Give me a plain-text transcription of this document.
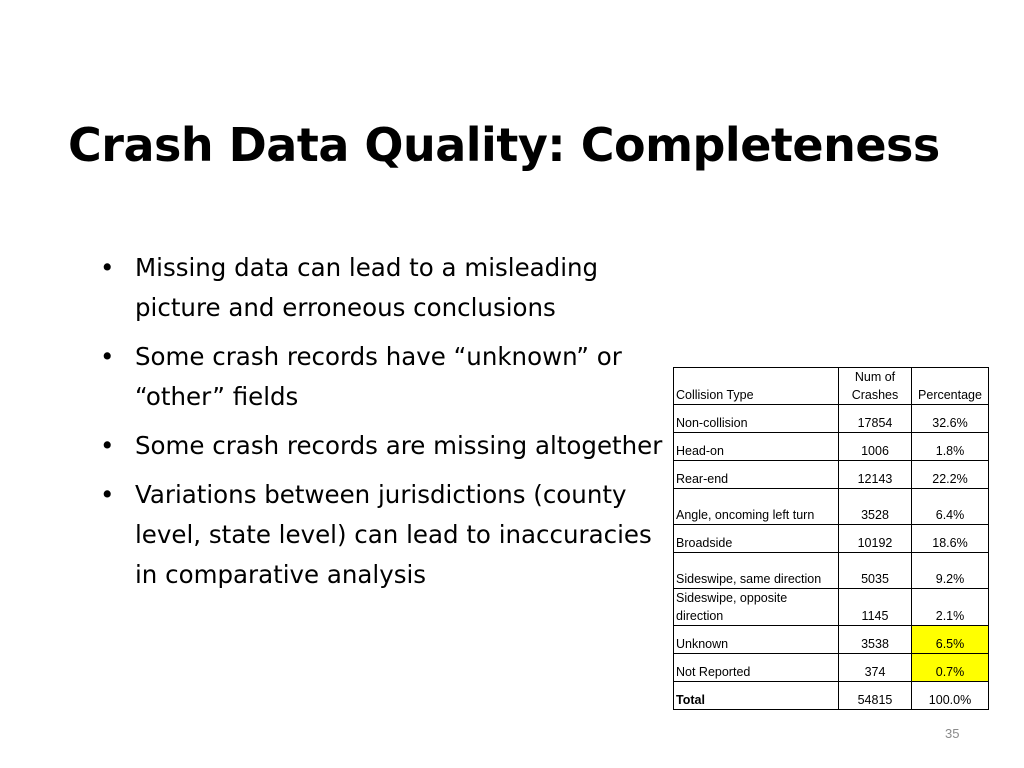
Crash Data Quality: Completeness
• Missing data can lead to a misleading picture and erroneous conclusions
• Some crash records have “unknown” or “other” fields
• Some crash records are missing altogether
• Variations between jurisdictions (county level, state level) can lead to inaccuracies in comparative analysis
Collision Type	Num of Crashes	Percentage
Non-collision	17854	32.6%
Head-on	1006	1.8%
Rear-end	12143	22.2%
Angle, oncoming left turn	3528	6.4%
Broadside	10192	18.6%
Sideswipe, same direction	5035	9.2%
Sideswipe, opposite direction	1145	2.1%
Unknown	3538	6.5%
Not Reported	374	0.7%
Total	54815	100.0%
35
